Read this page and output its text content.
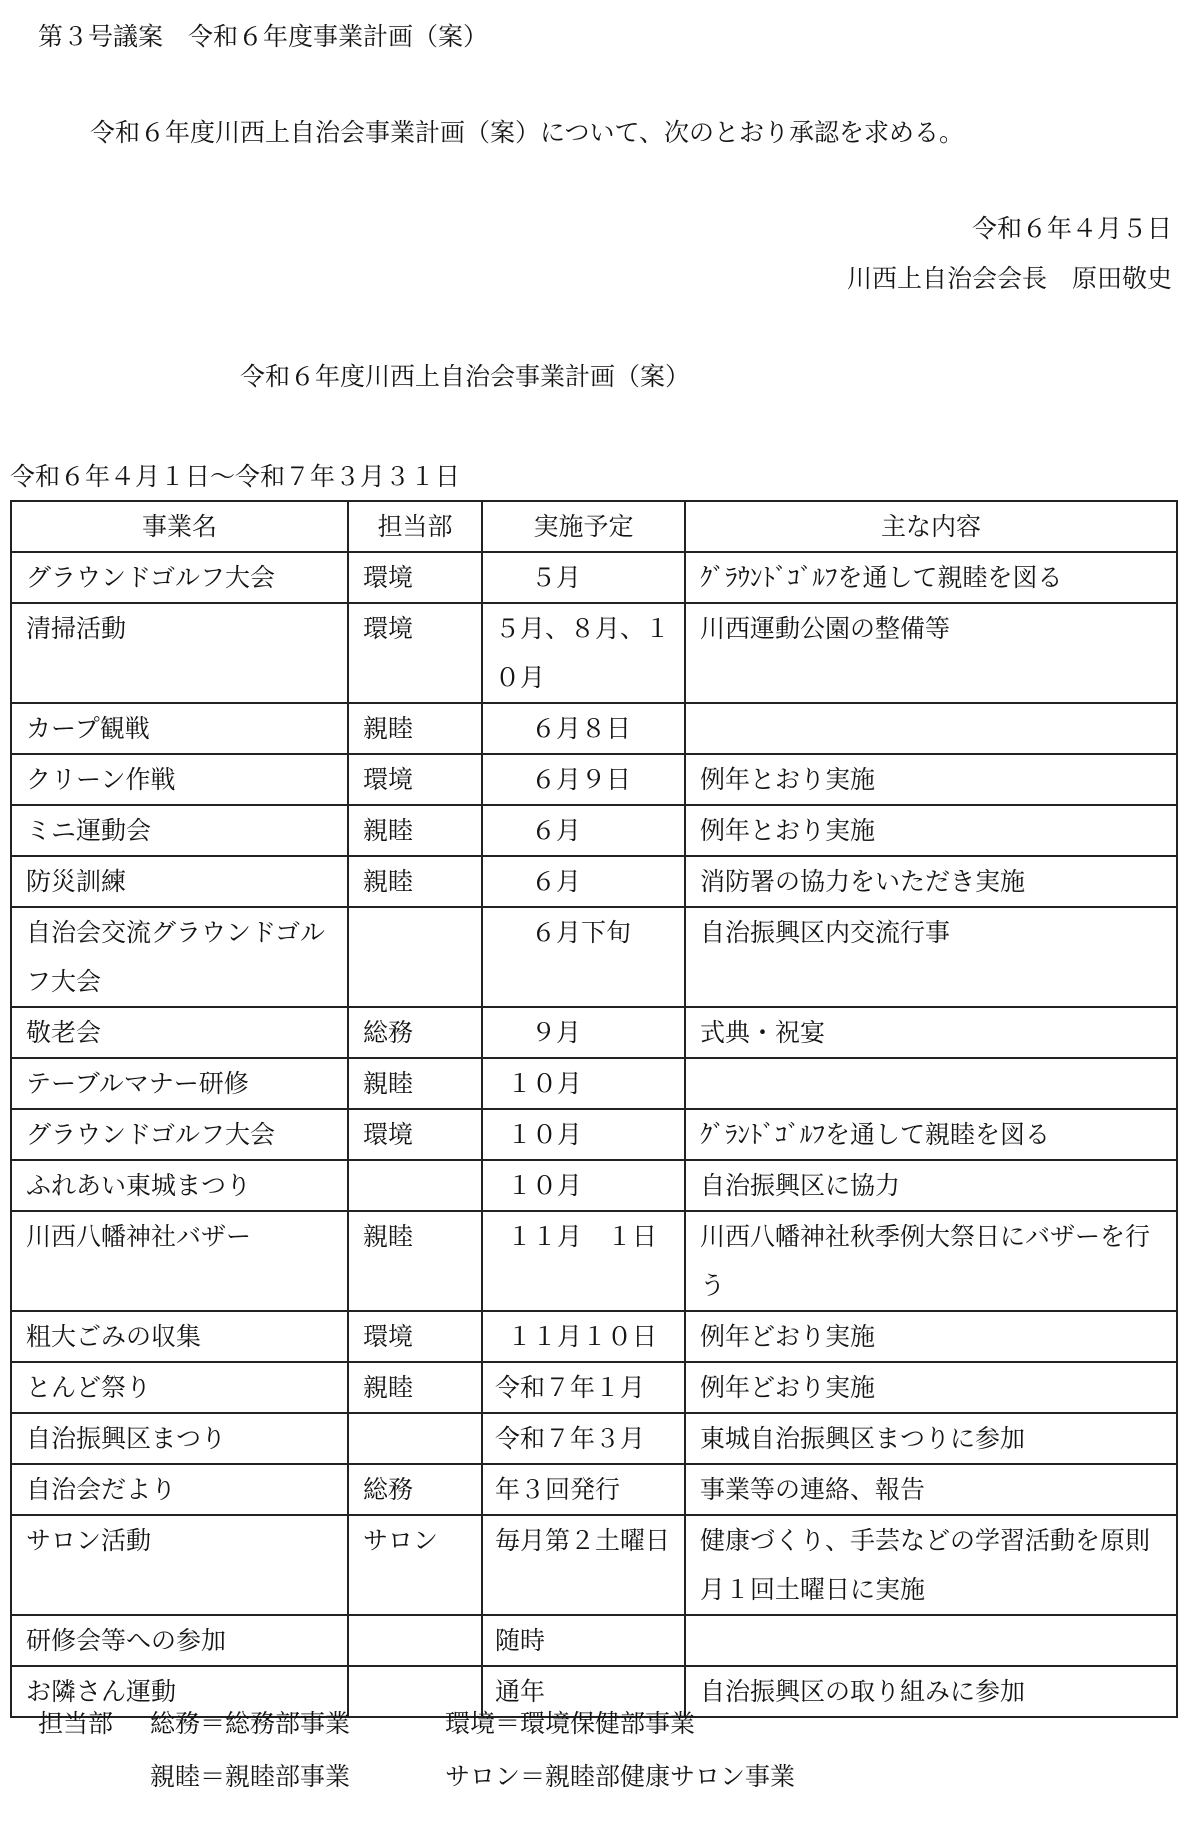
第３号議案　令和６年度事業計画（案）
令和６年度川西上自治会事業計画（案）について、次のとおり承認を求める。
令和６年４月５日
川西上自治会会長　原田敬史
令和６年度川西上自治会事業計画（案）
令和６年４月１日～令和７年３月３１日
事業名	担当部	実施予定	主な内容
グラウンドゴルフ大会	環境	５月	ｸﾞﾗｳﾝﾄﾞｺﾞﾙﾌを通して親睦を図る
清掃活動	環境	５月、８月、１０月	川西運動公園の整備等
カープ観戦	親睦	６月８日	
クリーン作戦	環境	６月９日	例年とおり実施
ミニ運動会	親睦	６月	例年とおり実施
防災訓練	親睦	６月	消防署の協力をいただき実施
自治会交流グラウンドゴルフ大会		６月下旬	自治振興区内交流行事
敬老会	総務	９月	式典・祝宴
テーブルマナー研修	親睦	１０月	
グラウンドゴルフ大会	環境	１０月	ｸﾞﾗﾝﾄﾞｺﾞﾙﾌを通して親睦を図る
ふれあい東城まつり		１０月	自治振興区に協力
川西八幡神社バザー	親睦	１１月　１日	川西八幡神社秋季例大祭日にバザーを行う
粗大ごみの収集	環境	１１月１０日	例年どおり実施
とんど祭り	親睦	令和７年１月	例年どおり実施
自治振興区まつり		令和７年３月	東城自治振興区まつりに参加
自治会だより	総務	年３回発行	事業等の連絡、報告
サロン活動	サロン	毎月第２土曜日	健康づくり、手芸などの学習活動を原則月１回土曜日に実施
研修会等への参加		随時	
お隣さん運動		通年	自治振興区の取り組みに参加
担当部 総務＝総務部事業	環境＝環境保健部事業
親睦＝親睦部事業	サロン＝親睦部健康サロン事業
